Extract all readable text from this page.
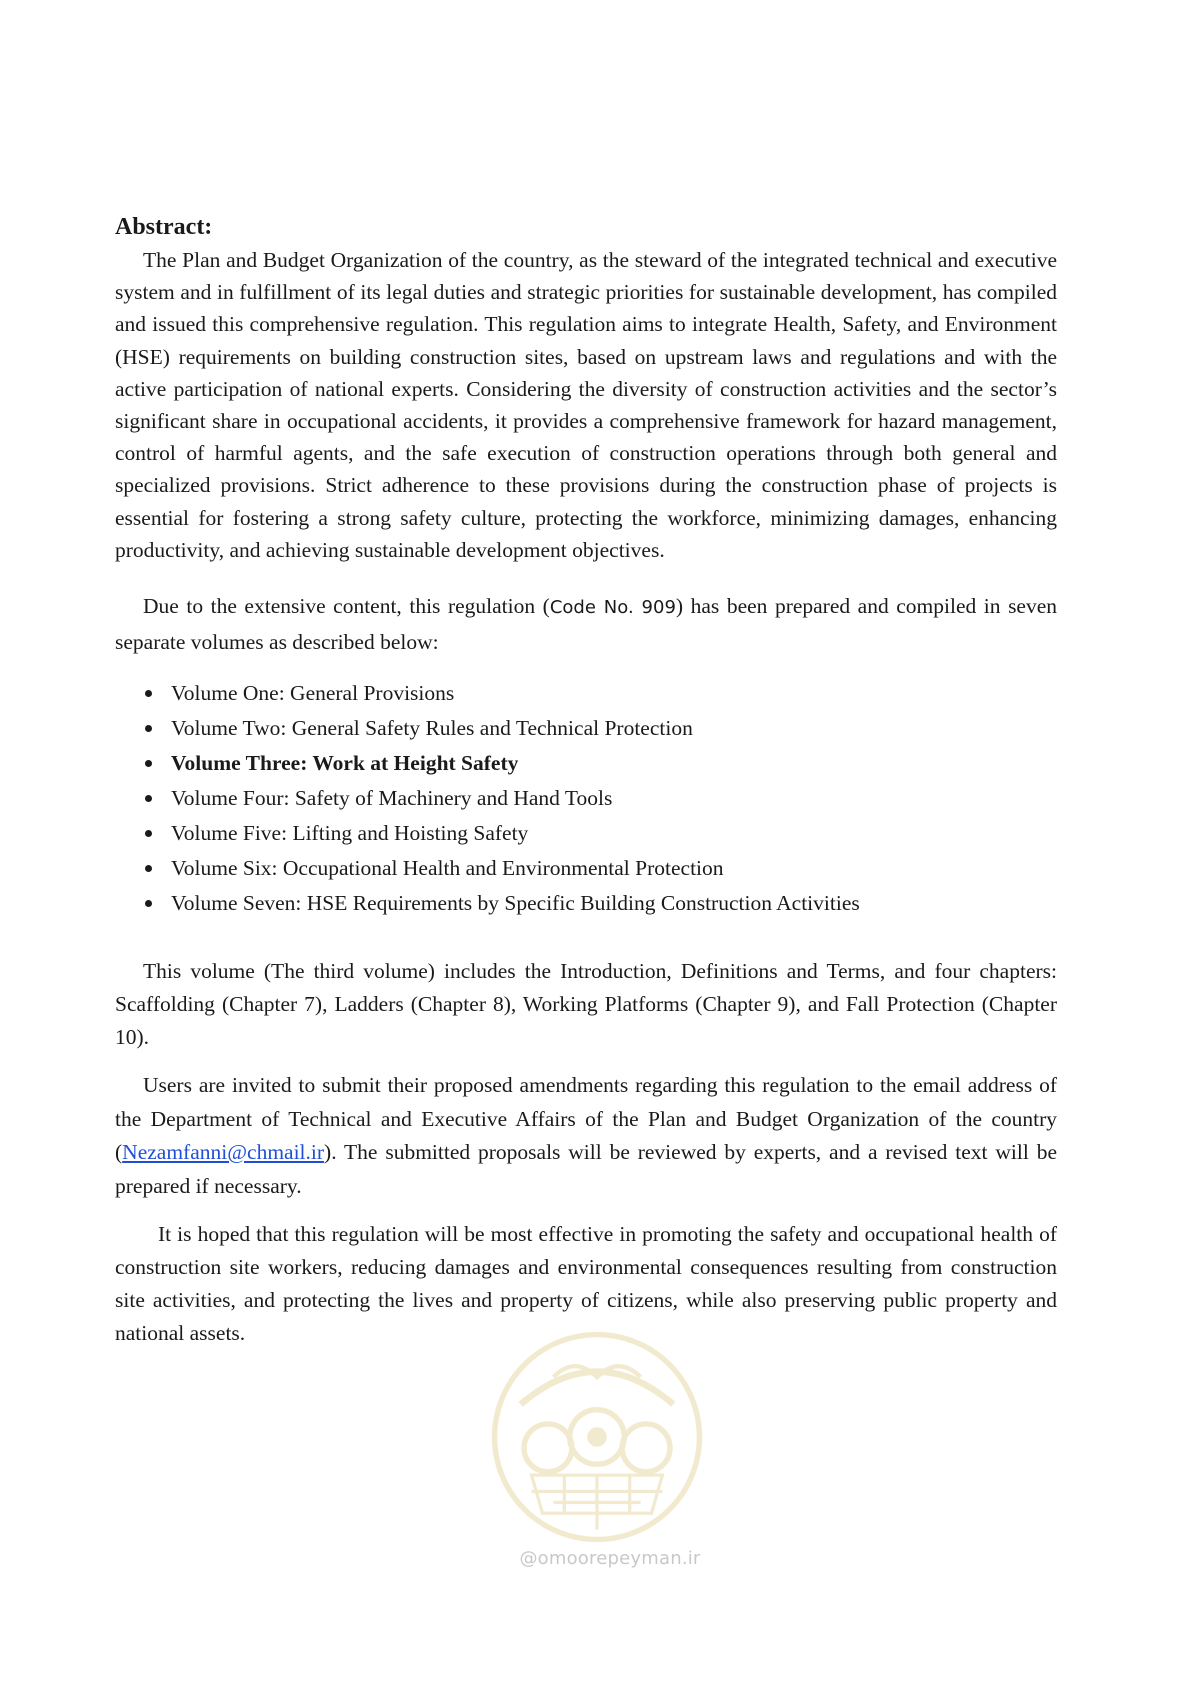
Abstract:

The Plan and Budget Organization of the country, as the steward of the integrated technical and executive system and in fulfillment of its legal duties and strategic priorities for sustainable development, has compiled and issued this comprehensive regulation. This regulation aims to integrate Health, Safety, and Environment (HSE) requirements on building construction sites, based on upstream laws and regulations and with the active participation of national experts. Considering the diversity of construction activities and the sector’s significant share in occupational accidents, it provides a comprehensive framework for hazard management, control of harmful agents, and the safe execution of construction operations through both general and specialized provisions. Strict adherence to these provisions during the construction phase of projects is essential for fostering a strong safety culture, protecting the workforce, minimizing damages, enhancing productivity, and achieving sustainable development objectives.

Due to the extensive content, this regulation (Code No. 909) has been prepared and compiled in seven separate volumes as described below:

Volume One: General Provisions
Volume Two: General Safety Rules and Technical Protection
Volume Three: Work at Height Safety
Volume Four: Safety of Machinery and Hand Tools
Volume Five: Lifting and Hoisting Safety
Volume Six: Occupational Health and Environmental Protection
Volume Seven: HSE Requirements by Specific Building Construction Activities

This volume (The third volume) includes the Introduction, Definitions and Terms, and four chapters: Scaffolding (Chapter 7), Ladders (Chapter 8), Working Platforms (Chapter 9), and Fall Protection (Chapter 10).

Users are invited to submit their proposed amendments regarding this regulation to the email address of the Department of Technical and Executive Affairs of the Plan and Budget Organization of the country (Nezamfanni@chmail.ir). The submitted proposals will be reviewed by experts, and a revised text will be prepared if necessary.

It is hoped that this regulation will be most effective in promoting the safety and occupational health of construction site workers, reducing damages and environmental consequences resulting from construction site activities, and protecting the lives and property of citizens, while also preserving public property and national assets.

@omoorepeyman.ir
